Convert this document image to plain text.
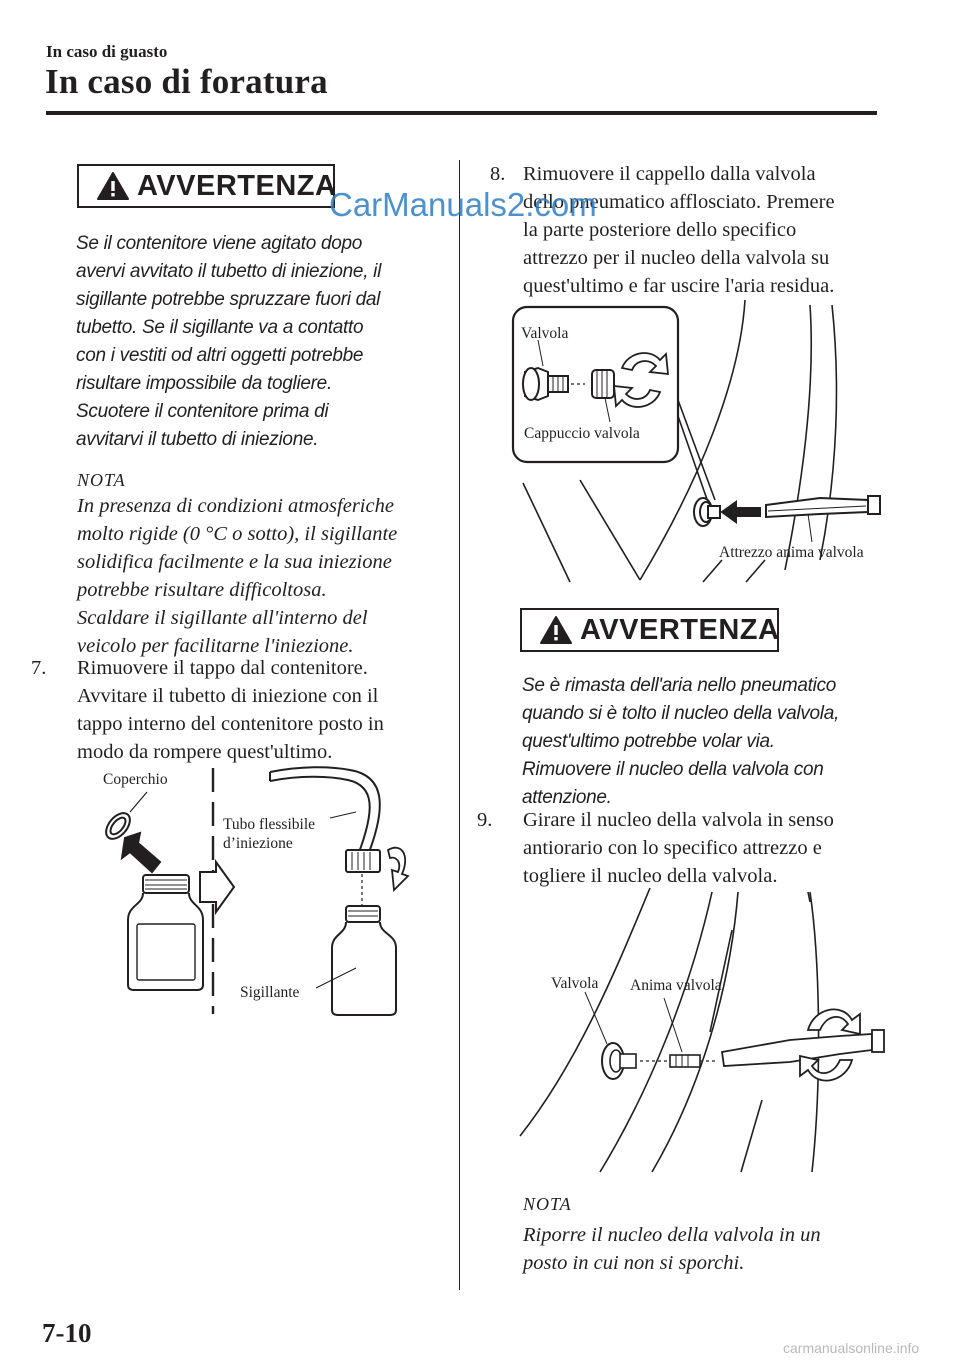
In caso di guasto
In caso di foratura
AVVERTENZA
Se il contenitore viene agitato dopo
avervi avvitato il tubetto di iniezione, il
sigillante potrebbe spruzzare fuori dal
tubetto. Se il sigillante va a contatto
con i vestiti od altri oggetti potrebbe
risultare impossibile da togliere.
Scuotere il contenitore prima di
avvitarvi il tubetto di iniezione.
NOTA
In presenza di condizioni atmosferiche
molto rigide (0 °C o sotto), il sigillante
solidifica facilmente e la sua iniezione
potrebbe risultare difficoltosa.
Scaldare il sigillante all'interno del
veicolo per facilitarne l'iniezione.
7. Rimuovere il tappo dal contenitore.
Avvitare il tubetto di iniezione con il
tappo interno del contenitore posto in
modo da rompere quest'ultimo.
Coperchio
Tubo flessibile
d’iniezione
Sigillante
8. Rimuovere il cappello dalla valvola
dello pneumatico afflosciato. Premere
la parte posteriore dello specifico
attrezzo per il nucleo della valvola su
quest'ultimo e far uscire l'aria residua.
Valvola
Cappuccio valvola
Attrezzo anima valvola
AVVERTENZA
Se è rimasta dell'aria nello pneumatico
quando si è tolto il nucleo della valvola,
quest'ultimo potrebbe volar via.
Rimuovere il nucleo della valvola con
attenzione.
9. Girare il nucleo della valvola in senso
antiorario con lo specifico attrezzo e
togliere il nucleo della valvola.
Valvola Anima valvola
NOTA
Riporre il nucleo della valvola in un
posto in cui non si sporchi.
7-10
CarManuals2.com
carmanualsonline.info
